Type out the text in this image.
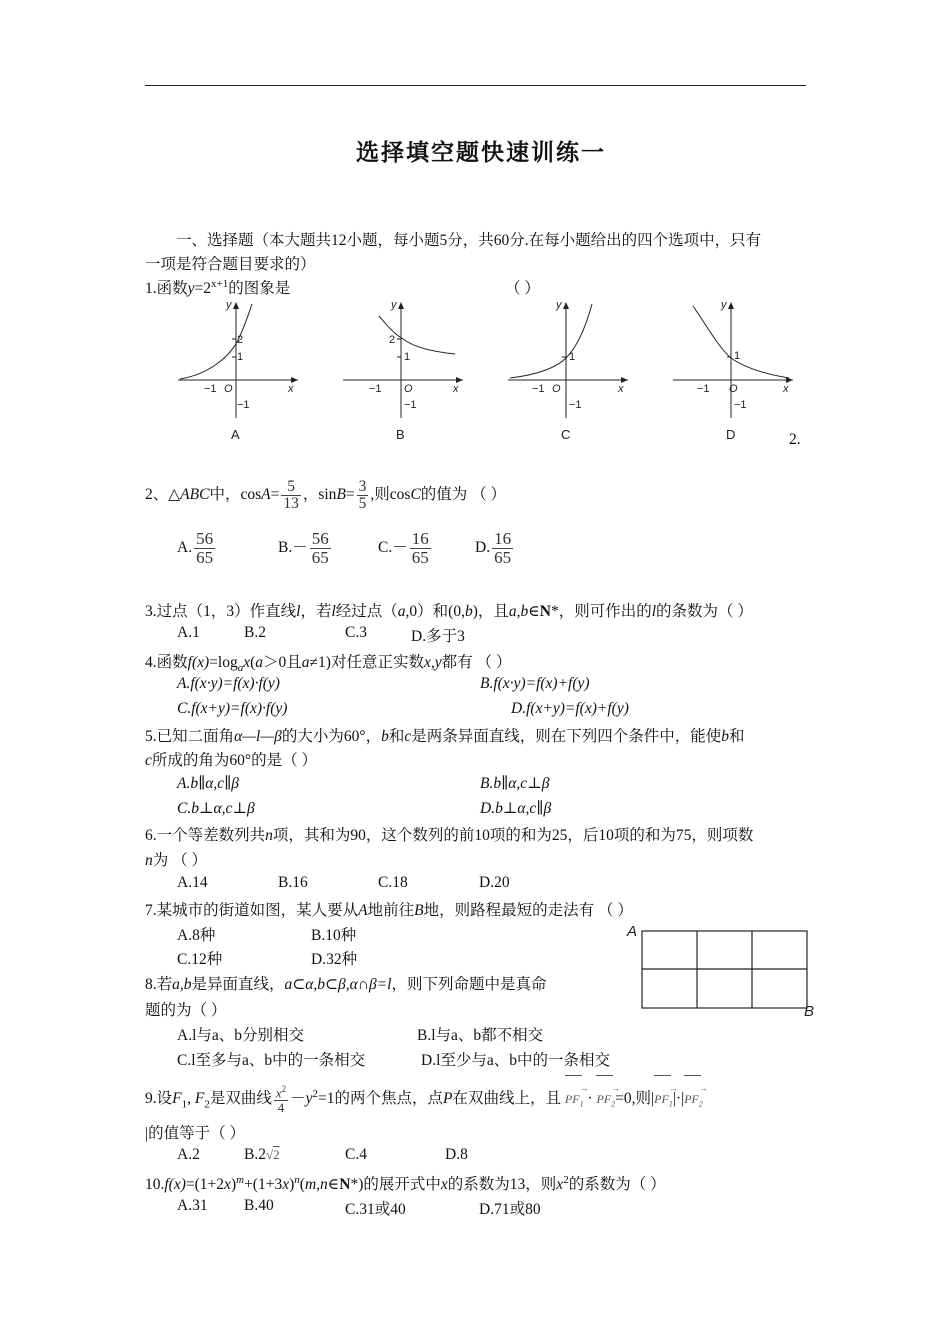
选择填空题快速训练一
一、选择题（本大题共12小题，每小题5分，共60分.在每小题给出的四个选项中，只有
一项是符合题目要求的）
1.函数$y=2^{x+1}$的图象是	（ ）
−1 O
1
2
−1
x
y
A
−1 O
1
2
−1
x
y
B
−1 O
1
−1
x
y
C
−1 O
1
−1
x
y
D	2.
2、△ABC中，$\cos A= \frac{5}{13}$ ，$\sin B= \frac{3}{5}$ ,则cosC的值为 （ ）
A. $\frac{56}{65}$	$B.- \frac{56}{65}$	$C.- \frac{16}{65}$	D. $\frac{16}{65}$
3.过点（1，3）作直线l，若l经过点（a,0）和(0,b)，且a,b∈N*，则可作出的l的条数为（ ）
A.1	B.2	C.3	D.多于3
4.函数$f(x)=\log_ax(a>0$且a≠1)对任意正实数x,y都有 （ ）
A.f(x·y)=f(x)·f(y)	B.f(x·y)=f(x)+f(y)
C.f(x+y)=f(x)·f(y)	D.f(x+y)=f(x)+f(y)
5.已知二面角α—l—β的大小为60°，b和c是两条异面直线，则在下列四个条件中，能使b和
c所成的角为60°的是（ ）
A.b∥α,c∥β	B.b∥α,c⊥β
C.b⊥α,c⊥β	D.b⊥α,c∥β
6.一个等差数列共n项，其和为90，这个数列的前10项的和为25，后10项的和为75，则项数
n为 （ ）
A.14	B.16	C.18	D.20
7.某城市的街道如图，某人要从A地前往B地，则路程最短的走法有 （ ）
A.8种	B.10种
C.12种	D.32种
A
B
8.若a,b是异面直线，a⊂α,b⊂β,α∩β=l，则下列命题中是真命
题的为（ ）
A.l与a、b分别相交	B.l与a、b都不相交
C.l至多与a、b中的一条相交	D.l至少与a、b中的一条相交
9.设$F_1$, $F_2$是双曲线 $\frac{x^2}{4} -y^2=1$的两个焦点，点P在双曲线上，且 $PF_1$ → · $PF_2 \to=0$,则$|PF_1 \to|\cdot|PF_2$ →
|的值等于（ ）
A.2	B.2√2	C.4	D.8
$10.f(x)=(1+2x)^m+(1+3x)^n(m,n\in N*)$的展开式中x的系数为13，则$x^2$的系数为（ ）
A.31 B.40	C.31或40	D.71或80
